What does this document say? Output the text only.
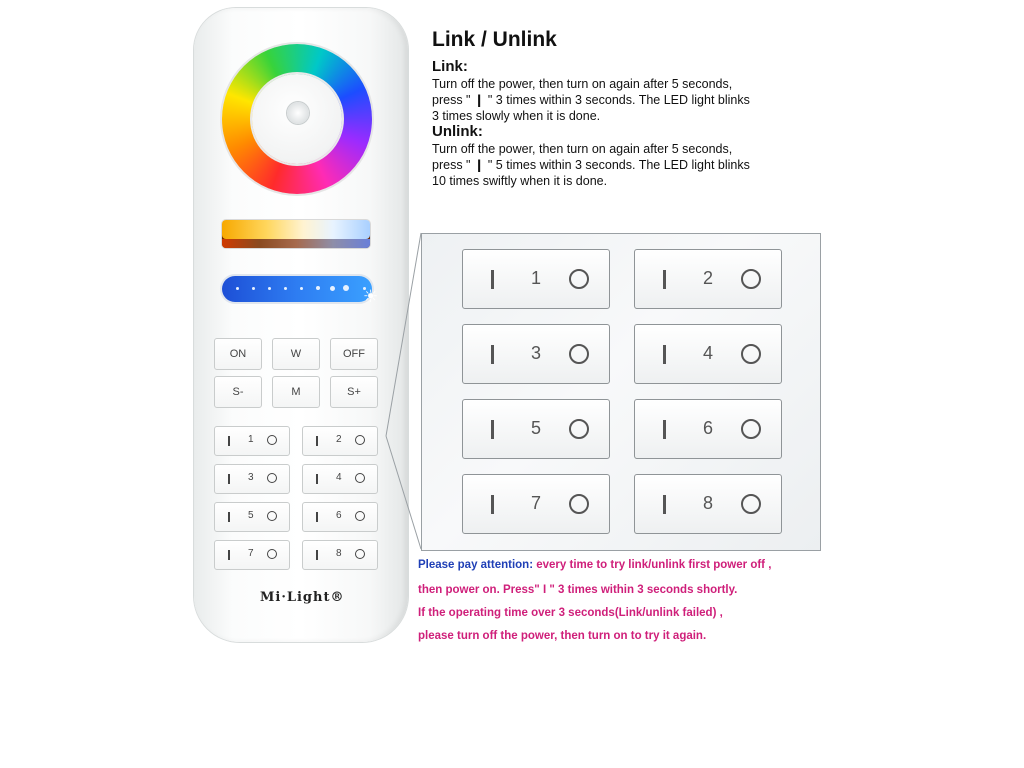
☀
ON	W	OFF
S-	M	S+
1	2
3	4
5	6
7	8
Mi·Light®
1	2
3	4
5	6
7	8
Link / Unlink
Link:
Turn off the power, then turn on again after 5 seconds,
press " ❙ " 3 times within 3 seconds. The LED light blinks
3 times slowly when it is done.
Unlink:
Turn off the power, then turn on again after 5 seconds,
press " ❙ " 5 times within 3 seconds. The LED light blinks
10 times swiftly when it is done.
Please pay attention: every time to try link/unlink first power off ,
then power on. Press" I " 3 times within 3 seconds shortly.
If the operating time over 3 seconds(Link/unlink failed) ,
please turn off the power, then turn on to try it again.
